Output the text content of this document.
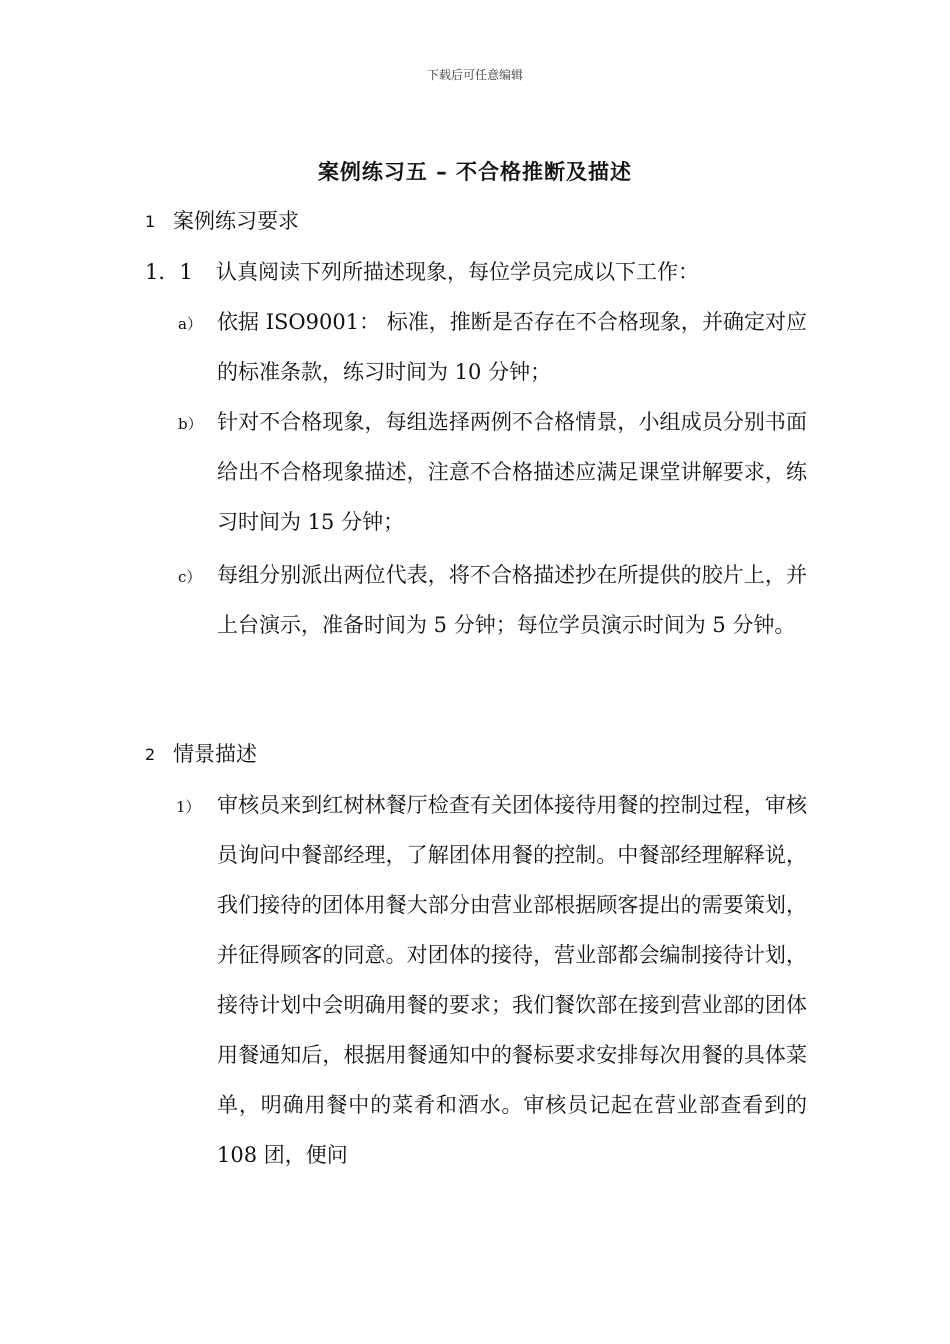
下载后可任意编辑
案例练习五 – 不合格推断及描述
1 案例练习要求
1．1 认真阅读下列所描述现象，每位学员完成以下工作：
a） 依据 ISO9001： 标准，推断是否存在不合格现象，并确定对应的标准条款，练习时间为 10 分钟；
b） 针对不合格现象，每组选择两例不合格情景，小组成员分别书面给出不合格现象描述，注意不合格描述应满足课堂讲解要求，练习时间为 15 分钟；
c） 每组分别派出两位代表，将不合格描述抄在所提供的胶片上，并上台演示，准备时间为 5 分钟；每位学员演示时间为 5 分钟。
2 情景描述
1） 审核员来到红树林餐厅检查有关团体接待用餐的控制过程，审核员询问中餐部经理，了解团体用餐的控制。中餐部经理解释说，我们接待的团体用餐大部分由营业部根据顾客提出的需要策划，并征得顾客的同意。对团体的接待，营业部都会编制接待计划，接待计划中会明确用餐的要求；我们餐饮部在接到营业部的团体用餐通知后，根据用餐通知中的餐标要求安排每次用餐的具体菜单，明确用餐中的菜肴和酒水。审核员记起在营业部查看到的 108 团，便问
